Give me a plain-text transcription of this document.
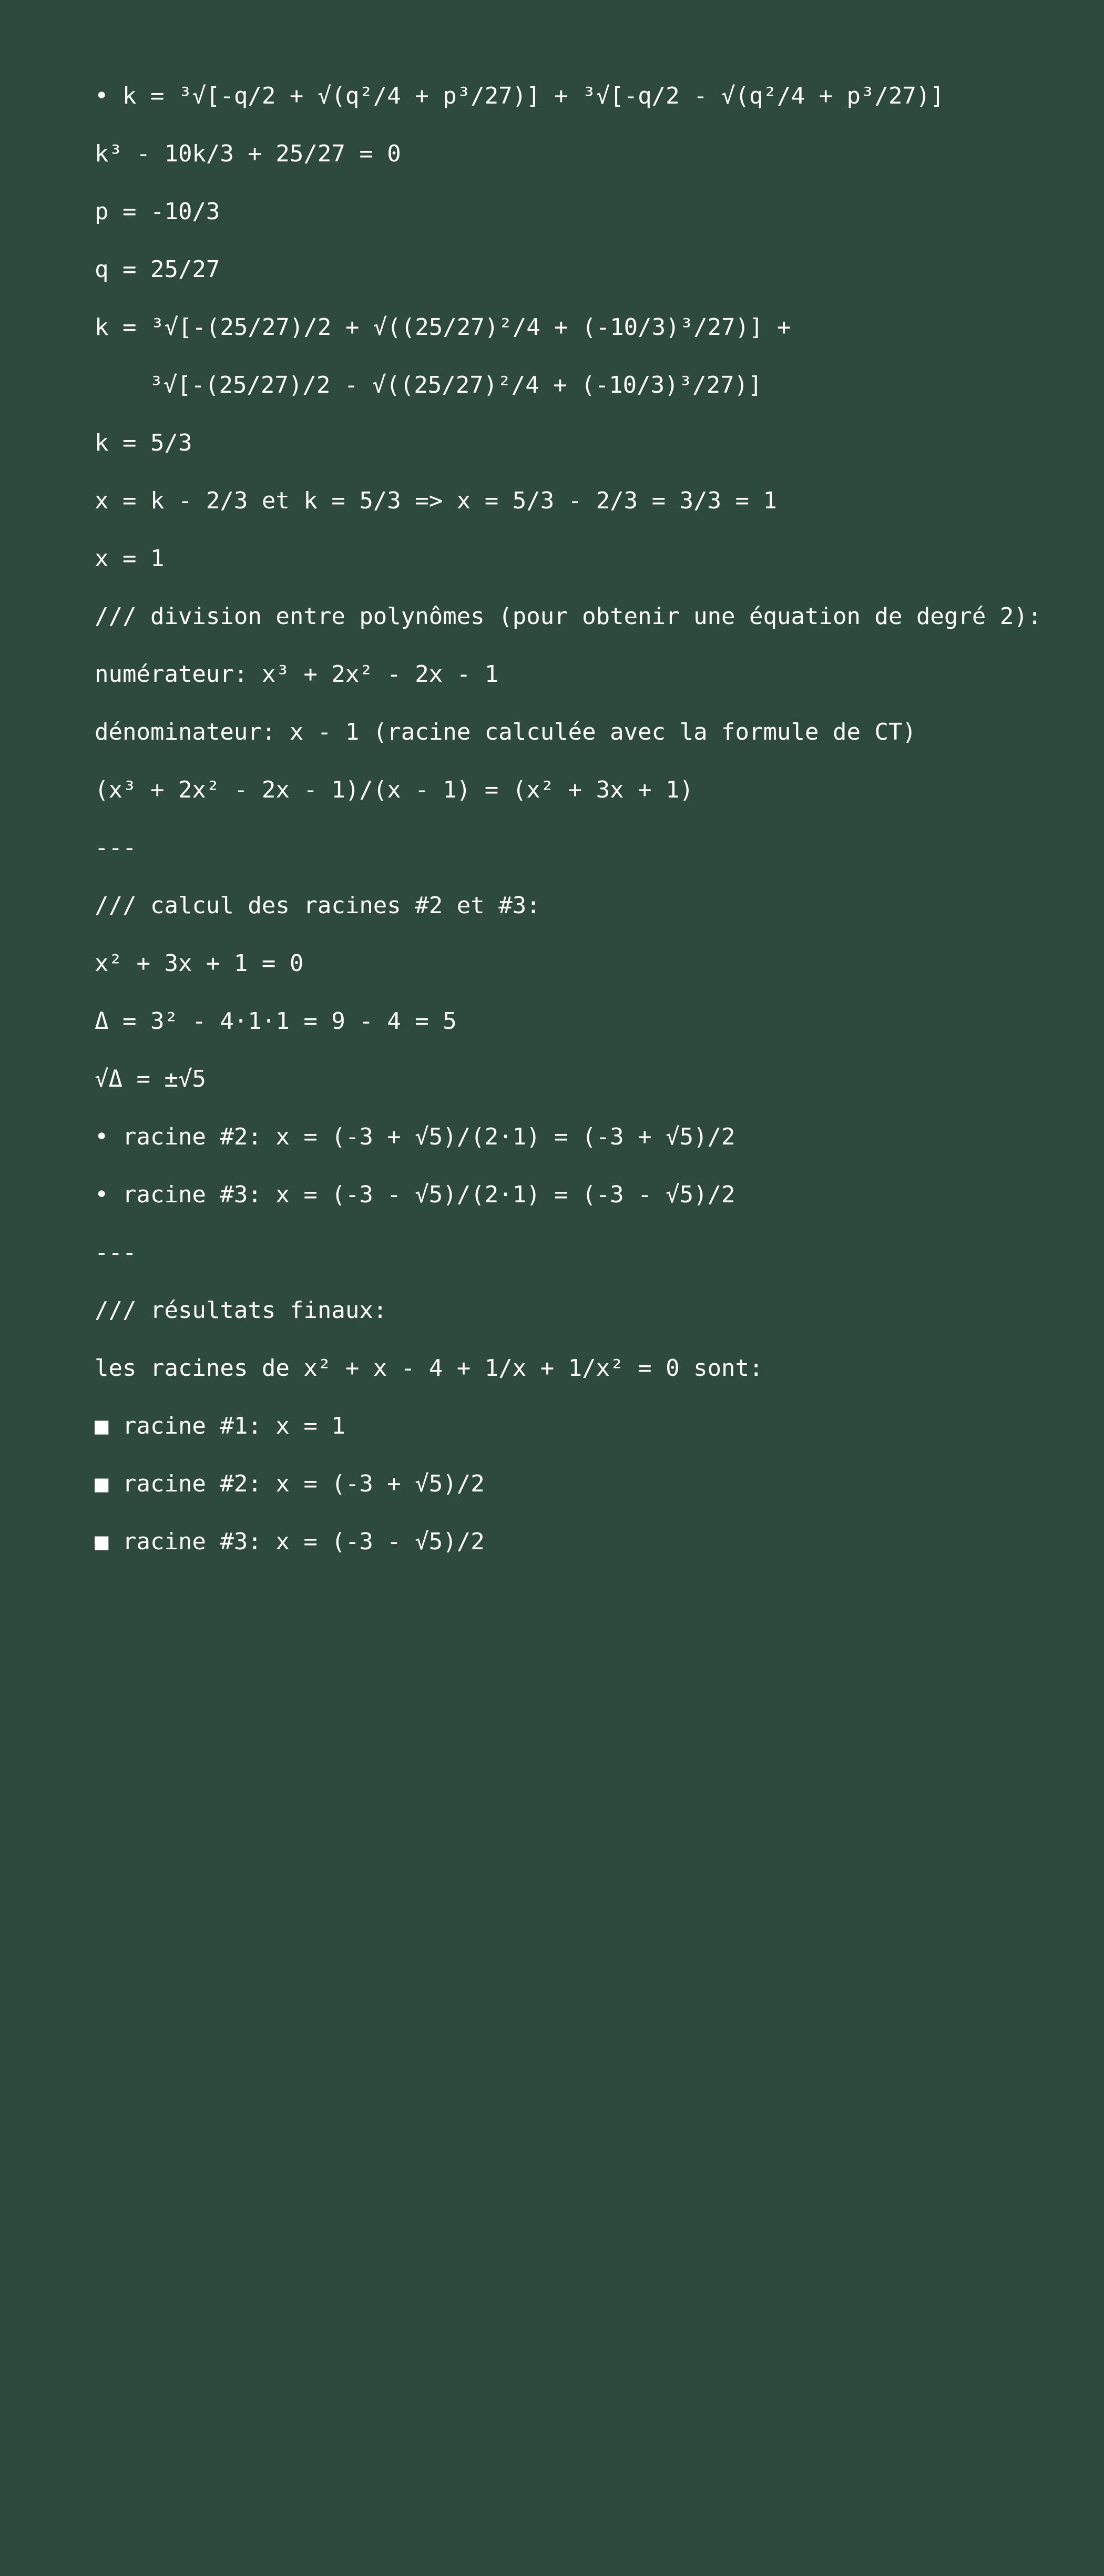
• k = ³√[-q/2 + √(q²/4 + p³/27)] + ³√[-q/2 - √(q²/4 + p³/27)]
k³ - 10k/3 + 25/27 = 0
p = -10/3
q = 25/27
k = ³√[-(25/27)/2 + √((25/27)²/4 + (-10/3)³/27)] +
³√[-(25/27)/2 - √((25/27)²/4 + (-10/3)³/27)]
k = 5/3
x = k - 2/3 et k = 5/3 => x = 5/3 - 2/3 = 3/3 = 1
x = 1
/// division entre polynômes (pour obtenir une équation de degré 2):
numérateur: x³ + 2x² - 2x - 1
dénominateur: x - 1 (racine calculée avec la formule de CT)
(x³ + 2x² - 2x - 1)/(x - 1) = (x² + 3x + 1)
---
/// calcul des racines #2 et #3:
x² + 3x + 1 = 0
Δ = 3² - 4·1·1 = 9 - 4 = 5
√Δ = ±√5
• racine #2: x = (-3 + √5)/(2·1) = (-3 + √5)/2
• racine #3: x = (-3 - √5)/(2·1) = (-3 - √5)/2
---
/// résultats finaux:
les racines de x² + x - 4 + 1/x + 1/x² = 0 sont:
■ racine #1: x = 1
■ racine #2: x = (-3 + √5)/2
■ racine #3: x = (-3 - √5)/2
